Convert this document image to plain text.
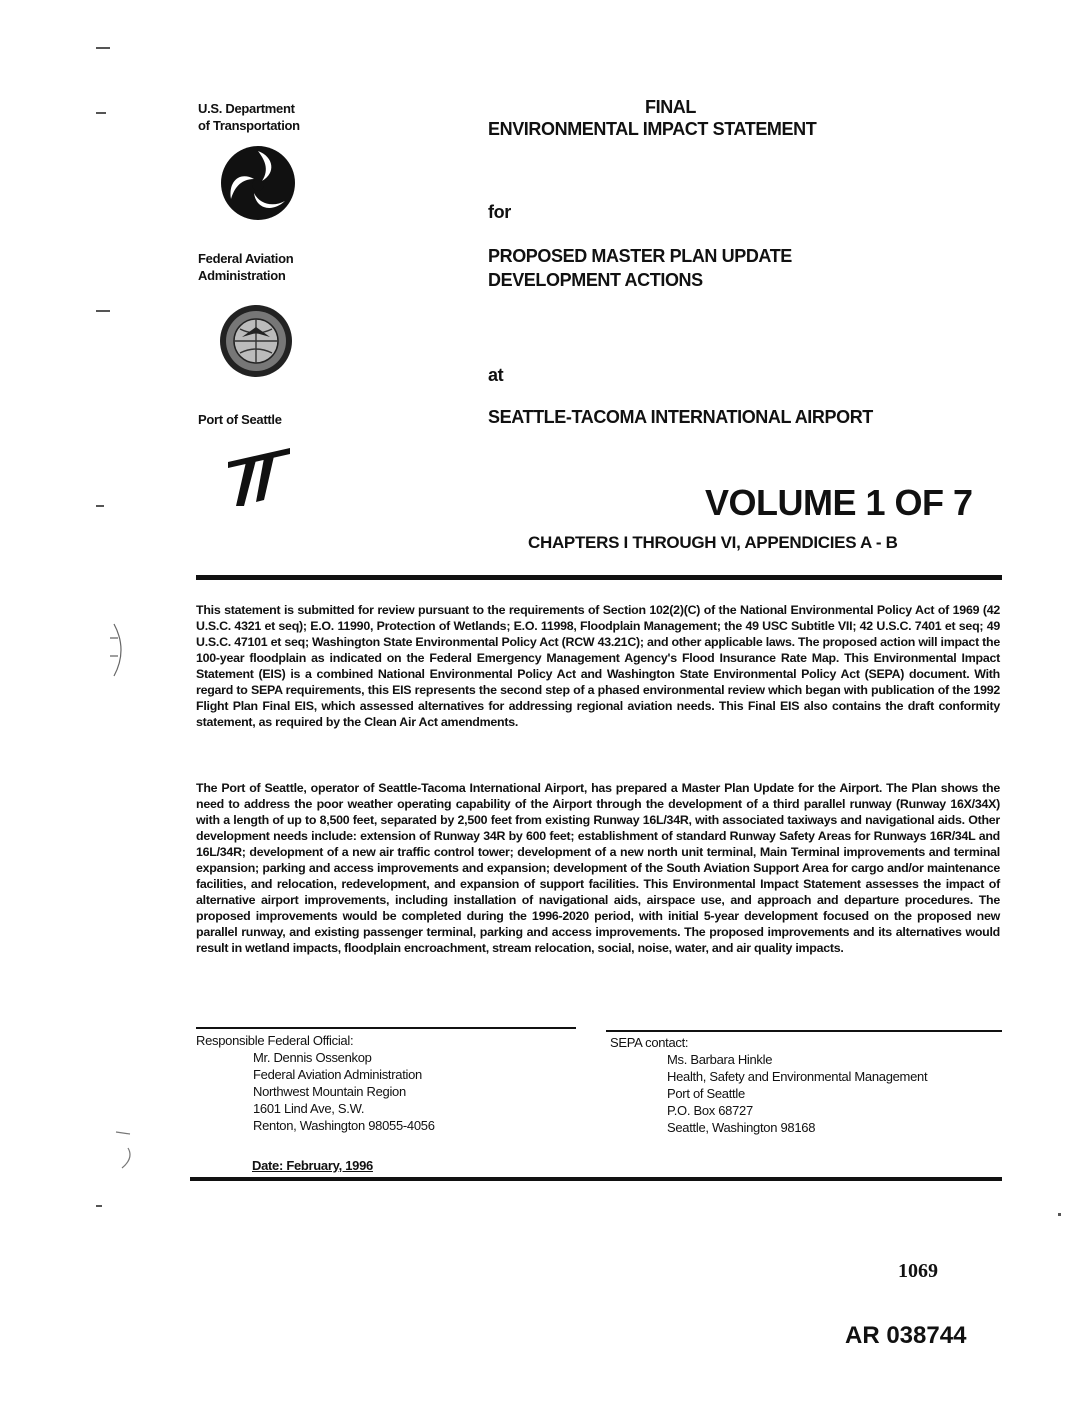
U.S. Department
of Transportation
Federal Aviation
Administration
Port of Seattle
FINAL
ENVIRONMENTAL IMPACT STATEMENT
for
PROPOSED MASTER PLAN UPDATE
DEVELOPMENT ACTIONS
at
SEATTLE-TACOMA INTERNATIONAL AIRPORT
VOLUME 1 OF 7
CHAPTERS I THROUGH VI, APPENDICIES A - B
This statement is submitted for review pursuant to the requirements of Section 102(2)(C) of the National Environmental Policy Act of 1969 (42 U.S.C. 4321 et seq); E.O. 11990, Protection of Wetlands; E.O. 11998, Floodplain Management; the 49 USC Subtitle VII; 42 U.S.C. 7401 et seq; 49 U.S.C. 47101 et seq; Washington State Environmental Policy Act (RCW 43.21C); and other applicable laws. The proposed action will impact the 100-year floodplain as indicated on the Federal Emergency Management Agency's Flood Insurance Rate Map. This Environmental Impact Statement (EIS) is a combined National Environmental Policy Act and Washington State Environmental Policy Act (SEPA) document. With regard to SEPA requirements, this EIS represents the second step of a phased environmental review which began with publication of the 1992 Flight Plan Final EIS, which assessed alternatives for addressing regional aviation needs. This Final EIS also contains the draft conformity statement, as required by the Clean Air Act amendments.
The Port of Seattle, operator of Seattle-Tacoma International Airport, has prepared a Master Plan Update for the Airport. The Plan shows the need to address the poor weather operating capability of the Airport through the development of a third parallel runway (Runway 16X/34X) with a length of up to 8,500 feet, separated by 2,500 feet from existing Runway 16L/34R, with associated taxiways and navigational aids. Other development needs include: extension of Runway 34R by 600 feet; establishment of standard Runway Safety Areas for Runways 16R/34L and 16L/34R; development of a new air traffic control tower; development of a new north unit terminal, Main Terminal improvements and terminal expansion; parking and access improvements and expansion; development of the South Aviation Support Area for cargo and/or maintenance facilities, and relocation, redevelopment, and expansion of support facilities. This Environmental Impact Statement assesses the impact of alternative airport improvements, including installation of navigational aids, airspace use, and approach and departure procedures. The proposed improvements would be completed during the 1996-2020 period, with initial 5-year development focused on the proposed new parallel runway, and existing passenger terminal, parking and access improvements. The proposed improvements and its alternatives would result in wetland impacts, floodplain encroachment, stream relocation, social, noise, water, and air quality impacts.
Responsible Federal Official:
Mr. Dennis Ossenkop
Federal Aviation Administration
Northwest Mountain Region
1601 Lind Ave, S.W.
Renton, Washington 98055-4056
SEPA contact:
Ms. Barbara Hinkle
Health, Safety and Environmental Management
Port of Seattle
P.O. Box 68727
Seattle, Washington 98168
Date: February, 1996
1069
AR 038744
